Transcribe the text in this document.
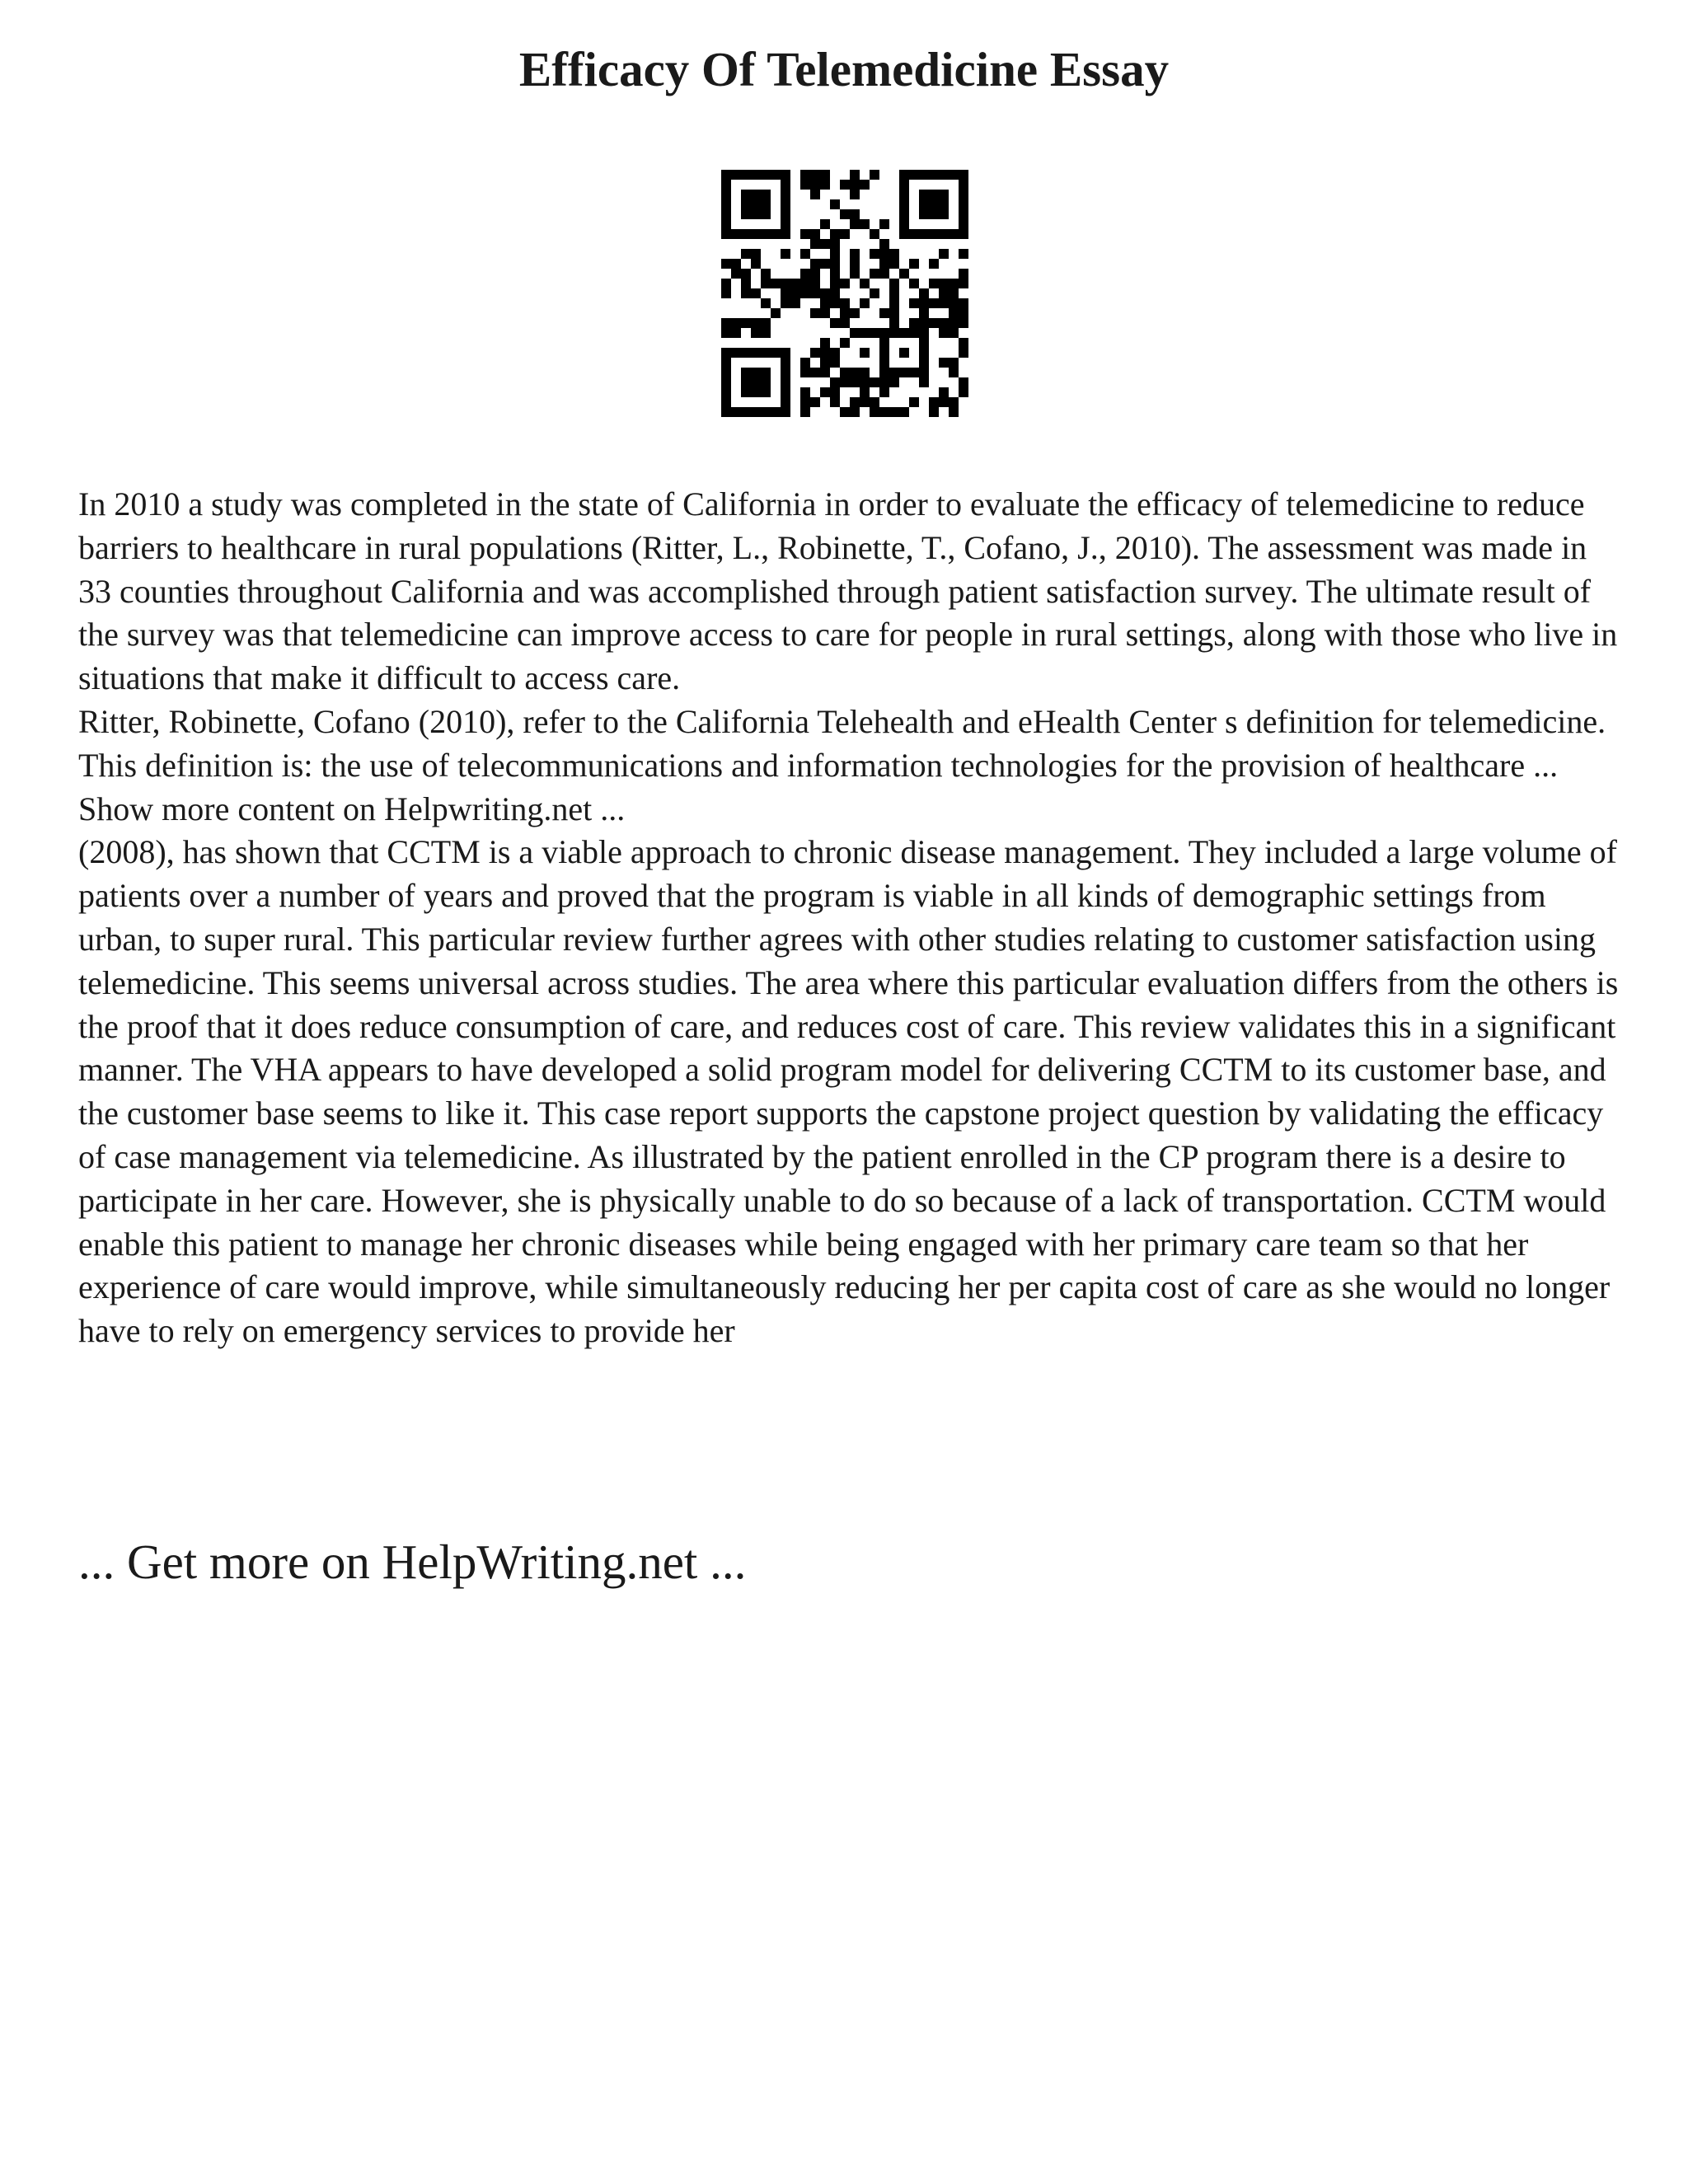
Efficacy Of Telemedicine Essay

In 2010 a study was completed in the state of California in order to evaluate the efficacy of telemedicine to reduce barriers to healthcare in rural populations (Ritter, L., Robinette, T., Cofano, J., 2010). The assessment was made in 33 counties throughout California and was accomplished through patient satisfaction survey. The ultimate result of the survey was that telemedicine can improve access to care for people in rural settings, along with those who live in situations that make it difficult to access care.

Ritter, Robinette, Cofano (2010), refer to the California Telehealth and eHealth Center s definition for telemedicine. This definition is: the use of telecommunications and information technologies for the provision of healthcare ... Show more content on Helpwriting.net ...

(2008), has shown that CCTM is a viable approach to chronic disease management. They included a large volume of patients over a number of years and proved that the program is viable in all kinds of demographic settings from urban, to super rural. This particular review further agrees with other studies relating to customer satisfaction using telemedicine. This seems universal across studies. The area where this particular evaluation differs from the others is the proof that it does reduce consumption of care, and reduces cost of care. This review validates this in a significant manner. The VHA appears to have developed a solid program model for delivering CCTM to its customer base, and the customer base seems to like it. This case report supports the capstone project question by validating the efficacy of case management via telemedicine. As illustrated by the patient enrolled in the CP program there is a desire to participate in her care. However, she is physically unable to do so because of a lack of transportation. CCTM would enable this patient to manage her chronic diseases while being engaged with her primary care team so that her experience of care would improve, while simultaneously reducing her per capita cost of care as she would no longer have to rely on emergency services to provide her

... Get more on HelpWriting.net ...
